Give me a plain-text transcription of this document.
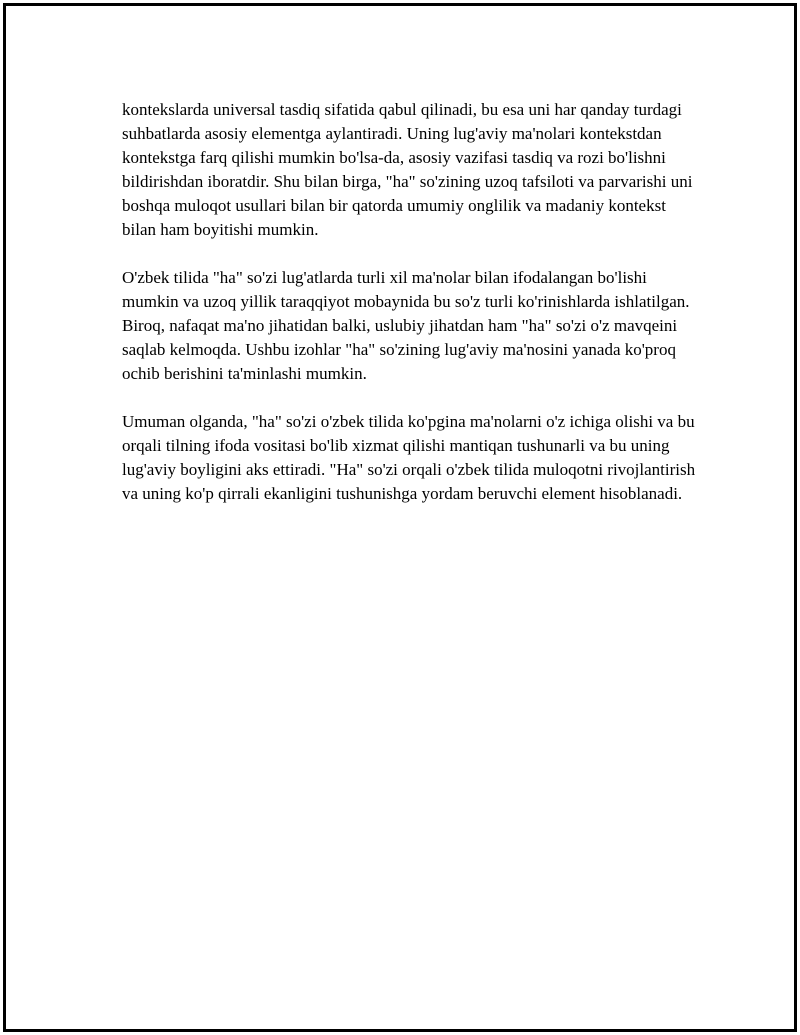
kontekslarda universal tasdiq sifatida qabul qilinadi, bu esa uni har qanday turdagi suhbatlarda asosiy elementga aylantiradi. Uning lug'aviy ma'nolari kontekstdan kontekstga farq qilishi mumkin bo'lsa-da, asosiy vazifasi tasdiq va rozi bo'lishni bildirishdan iboratdir. Shu bilan birga, "ha" so'zining uzoq tafsiloti va parvarishi uni boshqa muloqot usullari bilan bir qatorda umumiy onglilik va madaniy kontekst bilan ham boyitishi mumkin.

O'zbek tilida "ha" so'zi lug'atlarda turli xil ma'nolar bilan ifodalangan bo'lishi mumkin va uzoq yillik taraqqiyot mobaynida bu so'z turli ko'rinishlarda ishlatilgan. Biroq, nafaqat ma'no jihatidan balki, uslubiy jihatdan ham "ha" so'zi o'z mavqeini saqlab kelmoqda. Ushbu izohlar "ha" so'zining lug'aviy ma'nosini yanada ko'proq ochib berishini ta'minlashi mumkin.

Umuman olganda, "ha" so'zi o'zbek tilida ko'pgina ma'nolarni o'z ichiga olishi va bu orqali tilning ifoda vositasi bo'lib xizmat qilishi mantiqan tushunarli va bu uning lug'aviy boyligini aks ettiradi. "Ha" so'zi orqali o'zbek tilida muloqotni rivojlantirish va uning ko'p qirrali ekanligini tushunishga yordam beruvchi element hisoblanadi.
